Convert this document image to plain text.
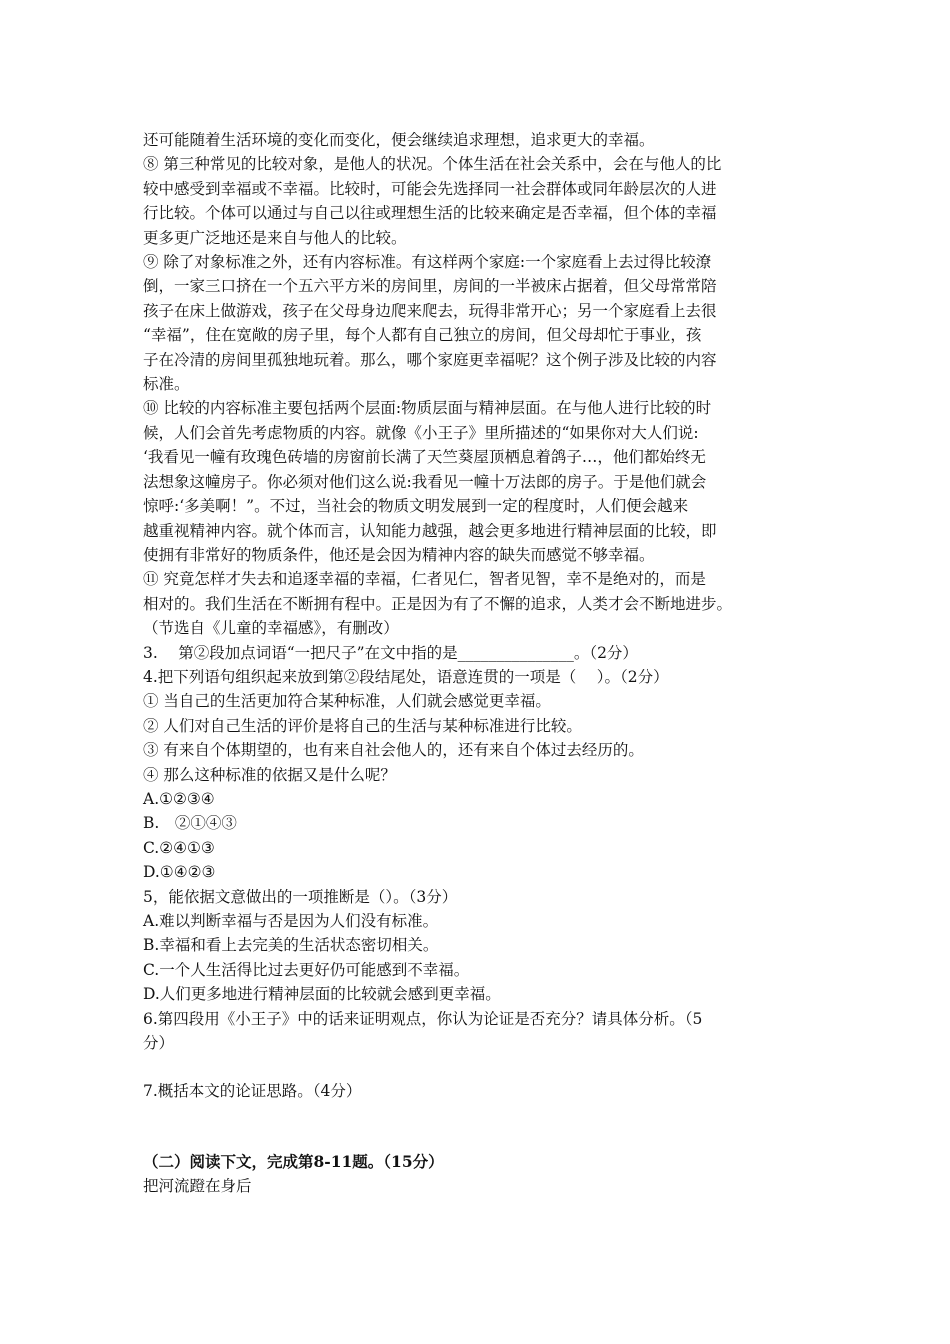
还可能随着生活环境的变化而变化，便会继续追求理想，追求更大的幸福。
⑧ 第三种常见的比较对象，是他人的状况。个体生活在社会关系中，会在与他人的比
较中感受到幸福或不幸福。比较时，可能会先选择同一社会群体或同年龄层次的人进
行比较。个体可以通过与自己以往或理想生活的比较来确定是否幸福，但个体的幸福
更多更广泛地还是来自与他人的比较。
⑨ 除了对象标准之外，还有内容标准。有这样两个家庭:一个家庭看上去过得比较潦
倒，一家三口挤在一个五六平方米的房间里，房间的一半被床占据着，但父母常常陪
孩子在床上做游戏，孩子在父母身边爬来爬去，玩得非常开心；另一个家庭看上去很
“幸福”，住在宽敞的房子里，每个人都有自己独立的房间，但父母却忙于事业，孩
子在冷清的房间里孤独地玩着。那么，哪个家庭更幸福呢？这个例子涉及比较的内容
标准。
⑩ 比较的内容标准主要包括两个层面:物质层面与精神层面。在与他人进行比较的时
候，人们会首先考虑物质的内容。就像《小王子》里所描述的“如果你对大人们说:
‘我看见一幢有玫瑰色砖墙的房窗前长满了天竺葵屋顶栖息着鸽子…，他们都始终无
法想象这幢房子。你必须对他们这么说:我看见一幢十万法郎的房子。于是他们就会
惊呼:‘多美啊！”。不过，当社会的物质文明发展到一定的程度时，人们便会越来
越重视精神内容。就个体而言，认知能力越强，越会更多地进行精神层面的比较，即
使拥有非常好的物质条件，他还是会因为精神内容的缺失而感觉不够幸福。
⑪ 究竟怎样才失去和追逐幸福的幸福，仁者见仁，智者见智，幸不是绝对的，而是
相对的。我们生活在不断拥有程中。正是因为有了不懈的追求，人类才会不断地进步。
（节选自《儿童的幸福感》，有删改）
3.　 第②段加点词语“一把尺子”在文中指的是_______________。（2分）
4.把下列语句组织起来放到第②段结尾处，语意连贯的一项是（　 ）。（2分）
① 当自己的生活更加符合某种标准，人们就会感觉更幸福。
② 人们对自己生活的评价是将自己的生活与某种标准进行比较。
③ 有来自个体期望的，也有来自社会他人的，还有来自个体过去经历的。
④ 那么这种标准的依据又是什么呢？
A.①②③④
B.　②①④③
C.②④①③
D.①④②③
5，能依据文意做出的一项推断是（）。（3分）
A.难以判断幸福与否是因为人们没有标准。
B.幸福和看上去完美的生活状态密切相关。
C.一个人生活得比过去更好仍可能感到不幸福。
D.人们更多地进行精神层面的比较就会感到更幸福。
6.第四段用《小王子》中的话来证明观点，你认为论证是否充分？请具体分析。（5
分）
7.概括本文的论证思路。（4分）
（二）阅读下文，完成第8-11题。（15分）
把河流蹬在身后
